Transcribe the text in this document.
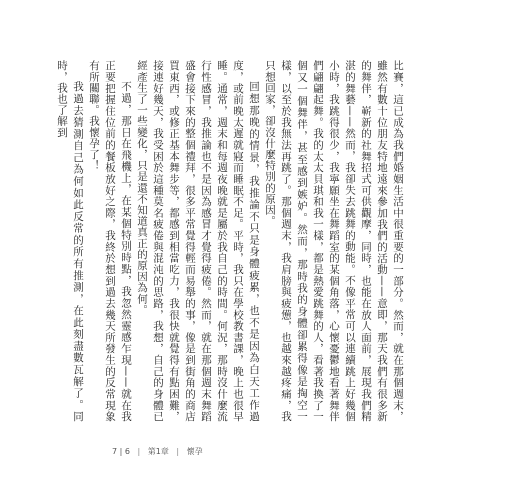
比賽，這已成為我們婚姻生活中很重要的一部分。然而，就在那個週末，雖然有數十位朋友特地遠來參加我們的活動——意即，那天我們有很多新的舞伴，嶄新的社舞招式可供觀摩，同時，也能在放人面前，展現我們精湛的舞藝——然而，我卻失去跳舞的動能。不像平常可以連續跳上好幾個小時，我跳得很少，我寧願坐在舞蹈室的某個角落，心懷憂鬱地看著舞伴們翩翩起舞。我的太太貝琪和我一樣，都是熱愛跳舞的人，看著我換了一個又一個舞伴，甚至感到嫉妒。然而，那時我的身體卻累得像是掏空一樣，以至於我無法再跳了。那個週末，我肩膀與疲憊，也越來越疼痛，我只想回家，卻沒什麼特別的原因。

回想那晚的情景，我推論不只是身體疲累，也不是因為白天工作過度，或前晚太遲就寢而睡眠不足。平時，我只在學校教書課，晚上也很早睡。通常，週末和每週夜晚就是屬於我自己的時間。何況，那時沒什麼流行性感冒，我推論也不是因為感冒才覺得疲倦。然而，就在那個週末舞蹈盛會接下來的整個禮拜，很多平常覺得輕而易舉的事，像是到街角的商店買東西，或修正基本舞步等，都感到相當吃力，我很快就覺得有點困難，接連好幾天，我受困於這種莫名疲倦與混沌的思路，我想，自己的身體已經產生了一些變化，只是還不知道真正的原因為何。

不過，那日在飛機上，在某個特別時點，我忽然靈感乍現——就在我正要把握住位前的餐板放好之際，我終於想到過去幾天所發生的反常現象有所關聯。我懷孕了！

我過去猜測自己為何如此反常的所有推測，在此刻盡數瓦解了。同時，我也了解到

7 | 6 | 第1章 | 懷孕
